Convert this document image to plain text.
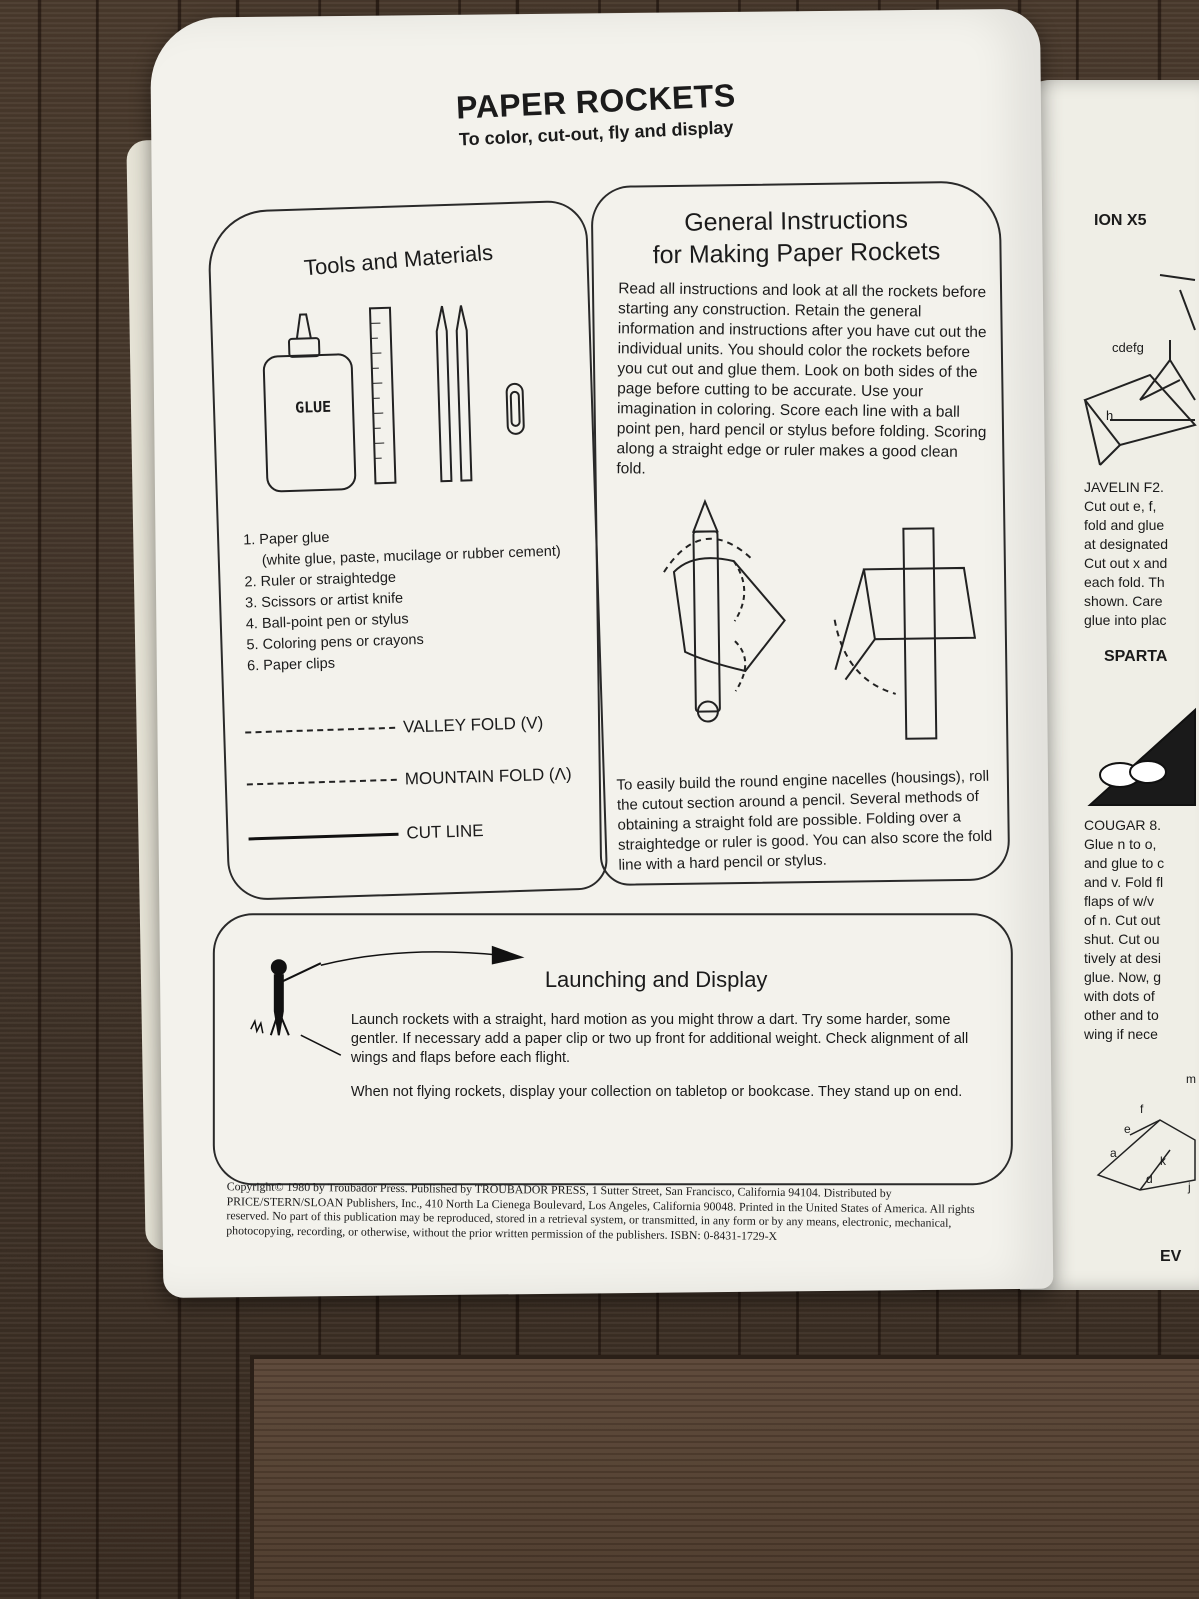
ION X5
cdefg
h
JAVELIN F2.
Cut out e, f,
fold and glue
at designated
Cut out x and
each fold. Th
shown. Care
glue into plac
SPARTA
COUGAR 8.
Glue n to o,
and glue to c
and v. Fold fl
flaps of w/v
of n. Cut out
shut. Cut ou
tively at desi
glue. Now, g
with dots of
other and to
wing if nece
m
f
e
a
k
d
j
EV
PAPER ROCKETS
To color, cut-out, fly and display
Tools and Materials
GLUE
1. Paper glue
(white glue, paste, mucilage or rubber cement)
2. Ruler or straightedge
3. Scissors or artist knife
4. Ball-point pen or stylus
5. Coloring pens or crayons
6. Paper clips
VALLEY FOLD (V)
MOUNTAIN FOLD (Λ)
CUT LINE
General Instructions
for Making Paper Rockets
Read all instructions and look at all the rockets before starting any construction. Retain the general information and instructions after you have cut out the individual units. You should color the rockets before you cut out and glue them. Look on both sides of the page before cutting to be accurate. Use your imagination in coloring. Score each line with a ball point pen, hard pencil or stylus before folding. Scoring along a straight edge or ruler makes a good clean fold.
To easily build the round engine nacelles (housings), roll the cutout section around a pencil. Several methods of obtaining a straight fold are possible. Folding over a straightedge or ruler is good. You can also score the fold line with a hard pencil or stylus.
Launching and Display
Launch rockets with a straight, hard motion as you might throw a dart. Try some harder, some gentler. If necessary add a paper clip or two up front for additional weight. Check alignment of all wings and flaps before each flight.
When not flying rockets, display your collection on tabletop or bookcase. They stand up on end.
Copyright© 1980 by Troubador Press. Published by TROUBADOR PRESS, 1 Sutter Street, San Francisco, California 94104. Distributed by PRICE/STERN/SLOAN Publishers, Inc., 410 North La Cienega Boulevard, Los Angeles, California 90048. Printed in the United States of America. All rights reserved. No part of this publication may be reproduced, stored in a retrieval system, or transmitted, in any form or by any means, electronic, mechanical, photocopying, recording, or otherwise, without the prior written permission of the publishers. ISBN: 0-8431-1729-X
